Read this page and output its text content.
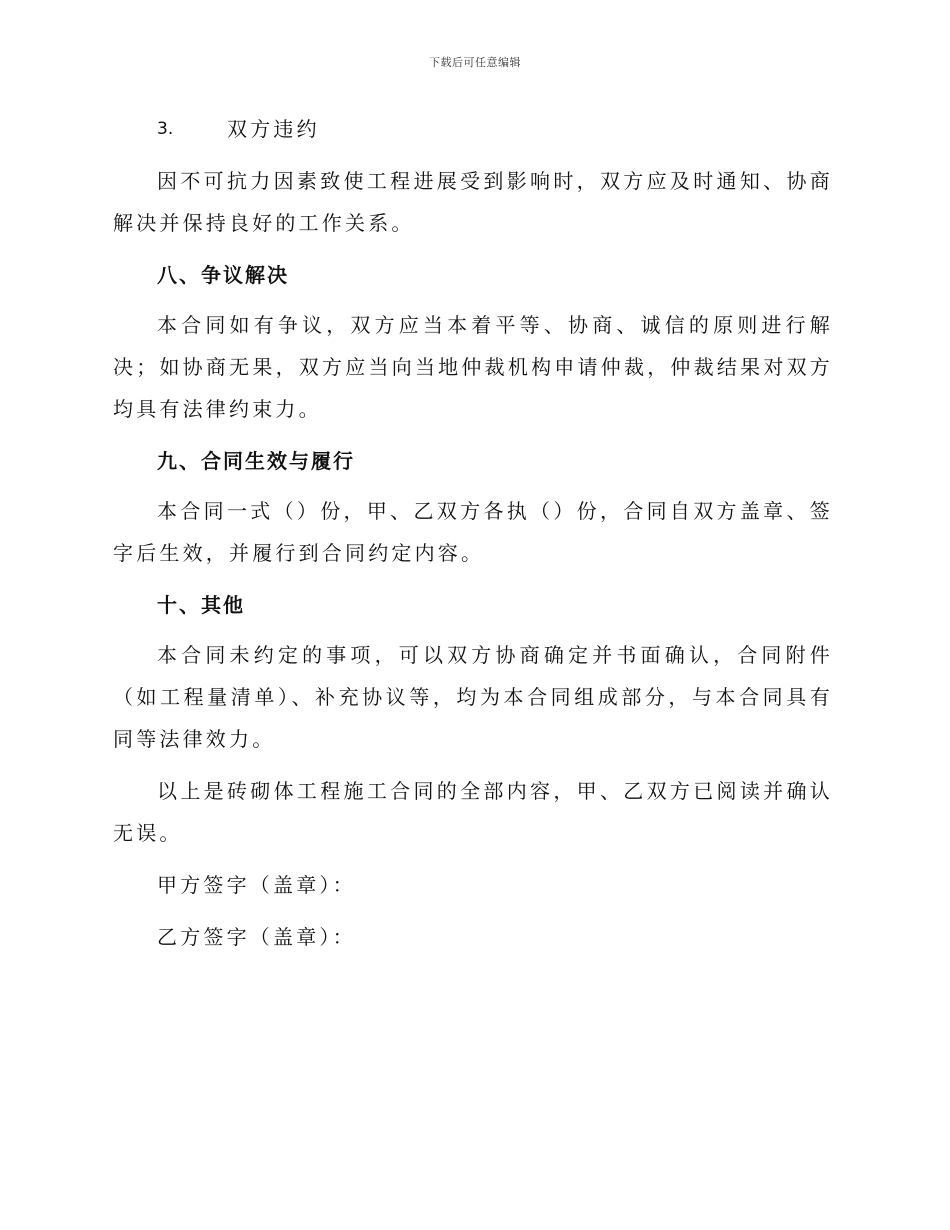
下载后可任意编辑
3.	双方违约

因不可抗力因素致使工程进展受到影响时，双方应及时通知、协商解决并保持良好的工作关系。

八、争议解决

本合同如有争议，双方应当本着平等、协商、诚信的原则进行解决；如协商无果，双方应当向当地仲裁机构申请仲裁，仲裁结果对双方均具有法律约束力。

九、合同生效与履行

本合同一式（）份，甲、乙双方各执（）份，合同自双方盖章、签字后生效，并履行到合同约定内容。

十、其他

本合同未约定的事项，可以双方协商确定并书面确认，合同附件（如工程量清单）、补充协议等，均为本合同组成部分，与本合同具有同等法律效力。

以上是砖砌体工程施工合同的全部内容，甲、乙双方已阅读并确认无误。

甲方签字（盖章）：

乙方签字（盖章）：
